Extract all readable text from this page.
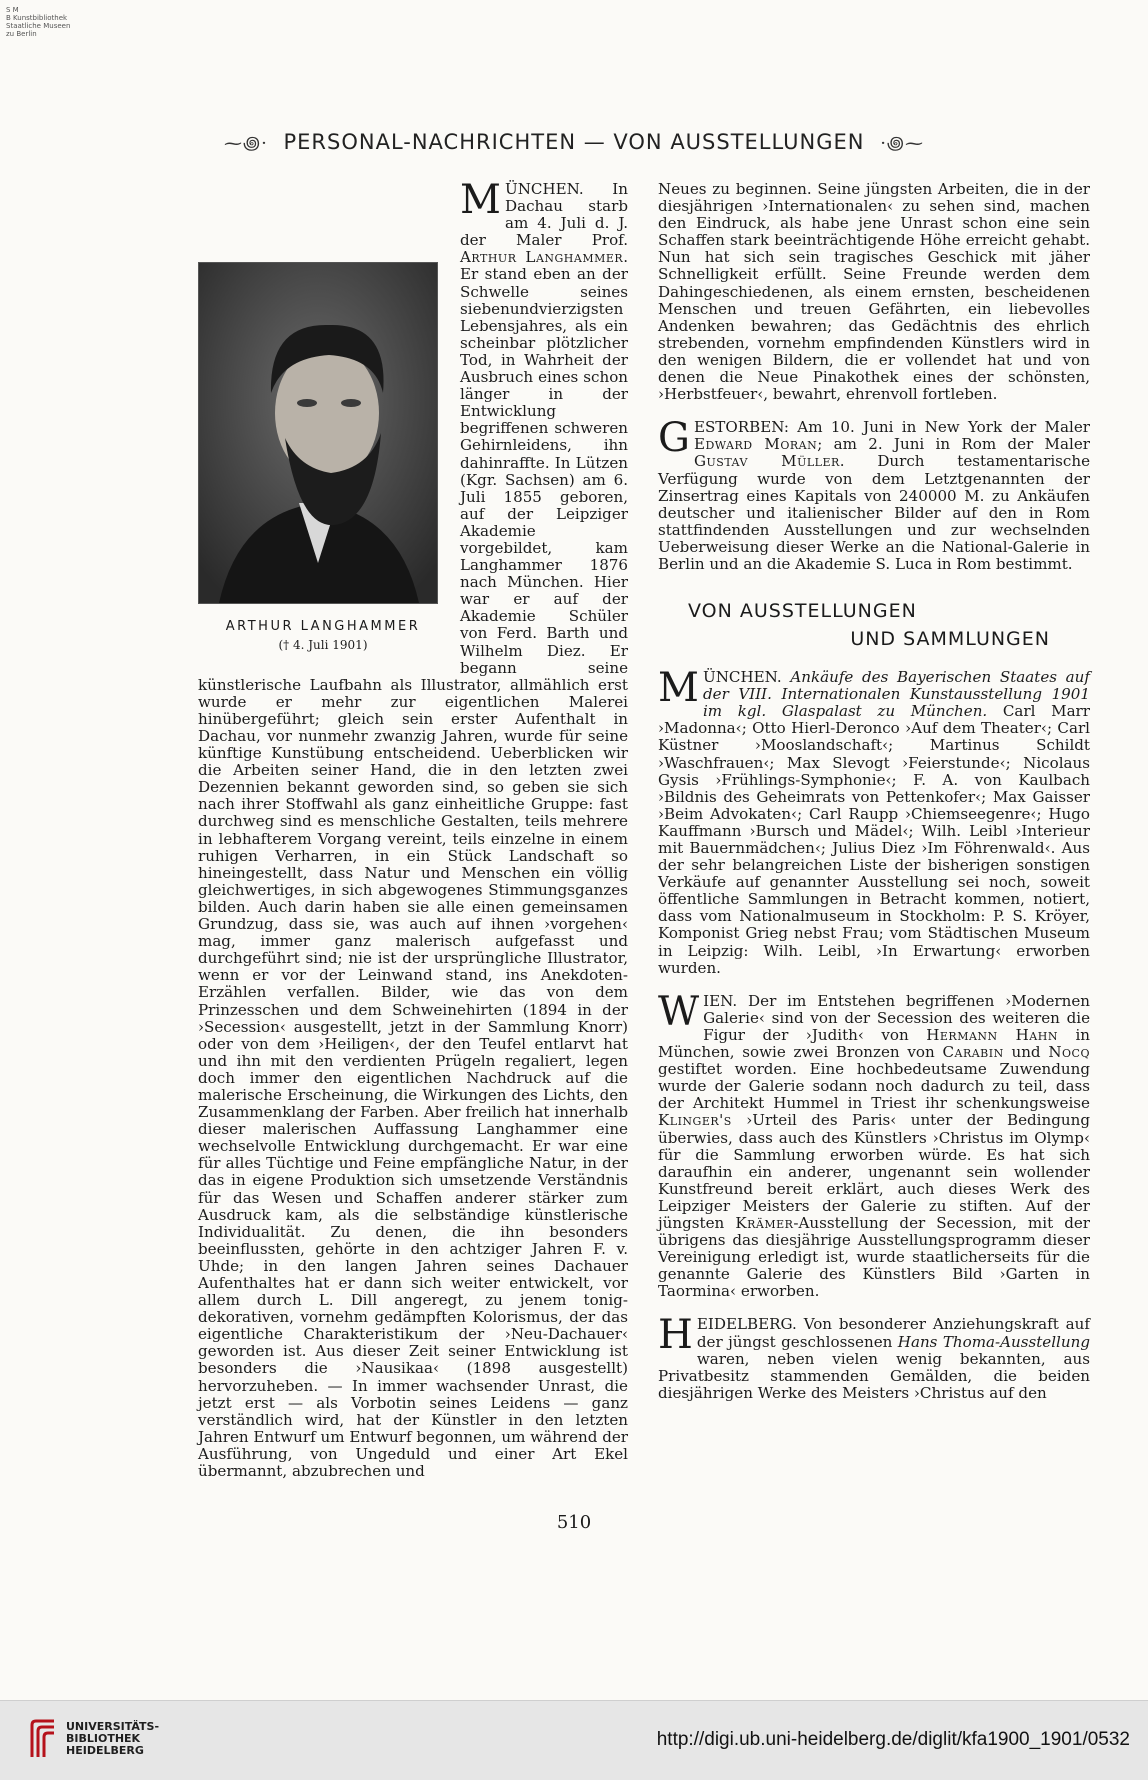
S M
B Kunstbibliothek
Staatliche Museen
zu Berlin
⁓꩜· PERSONAL-NACHRICHTEN — VON AUSSTELLUNGEN ·꩜⁓
ARTHUR LANGHAMMER
(† 4. Juli 1901)

MÜNCHEN. In Dachau starb am 4. Juli d. J. der Maler Prof. Arthur Langhammer. Er stand eben an der Schwelle seines siebenundvierzigsten Lebensjahres, als ein scheinbar plötzlicher Tod, in Wahrheit der Ausbruch eines schon länger in der Entwicklung begriffenen schweren Gehirnleidens, ihn dahinraffte. In Lützen (Kgr. Sachsen) am 6. Juli 1855 geboren, auf der Leipziger Akademie vorgebildet, kam Langhammer 1876 nach München. Hier war er auf der Akademie Schüler von Ferd. Barth und Wilhelm Diez. Er begann seine künstlerische Laufbahn als Illustrator, allmählich erst wurde er mehr zur eigentlichen Malerei hinübergeführt; gleich sein erster Aufenthalt in Dachau, vor nunmehr zwanzig Jahren, wurde für seine künftige Kunstübung entscheidend. Ueberblicken wir die Arbeiten seiner Hand, die in den letzten zwei Dezennien bekannt geworden sind, so geben sie sich nach ihrer Stoffwahl als ganz einheitliche Gruppe: fast durchweg sind es menschliche Gestalten, teils mehrere in lebhafterem Vorgang vereint, teils einzelne in einem ruhigen Verharren, in ein Stück Landschaft so hineingestellt, dass Natur und Menschen ein völlig gleichwertiges, in sich abgewogenes Stimmungsganzes bilden. Auch darin haben sie alle einen gemeinsamen Grundzug, dass sie, was auch auf ihnen ›vorgehen‹ mag, immer ganz malerisch aufgefasst und durchgeführt sind; nie ist der ursprüngliche Illustrator, wenn er vor der Leinwand stand, ins Anekdoten-Erzählen verfallen. Bilder, wie das von dem Prinzesschen und dem Schweinehirten (1894 in der ›Secession‹ ausgestellt, jetzt in der Sammlung Knorr) oder von dem ›Heiligen‹, der den Teufel entlarvt hat und ihn mit den verdienten Prügeln regaliert, legen doch immer den eigentlichen Nachdruck auf die malerische Erscheinung, die Wirkungen des Lichts, den Zusammenklang der Farben. Aber freilich hat innerhalb dieser malerischen Auffassung Langhammer eine wechselvolle Entwicklung durchgemacht. Er war eine für alles Tüchtige und Feine empfängliche Natur, in der das in eigene Produktion sich umsetzende Verständnis für das Wesen und Schaffen anderer stärker zum Ausdruck kam, als die selbständige künstlerische Individualität. Zu denen, die ihn besonders beeinflussten, gehörte in den achtziger Jahren F. v. Uhde; in den langen Jahren seines Dachauer Aufenthaltes hat er dann sich weiter entwickelt, vor allem durch L. Dill angeregt, zu jenem tonig-dekorativen, vornehm gedämpften Kolorismus, der das eigentliche Charakteristikum der ›Neu-Dachauer‹ geworden ist. Aus dieser Zeit seiner Entwicklung ist besonders die ›Nausikaa‹ (1898 ausgestellt) hervorzuheben. — In immer wachsender Unrast, die jetzt erst — als Vorbotin seines Leidens — ganz verständlich wird, hat der Künstler in den letzten Jahren Entwurf um Entwurf begonnen, um während der Ausführung, von Ungeduld und einer Art Ekel übermannt, abzubrechen und

Neues zu beginnen. Seine jüngsten Arbeiten, die in der diesjährigen ›Internationalen‹ zu sehen sind, machen den Eindruck, als habe jene Unrast schon eine sein Schaffen stark beeinträchtigende Höhe erreicht gehabt. Nun hat sich sein tragisches Geschick mit jäher Schnelligkeit erfüllt. Seine Freunde werden dem Dahingeschiedenen, als einem ernsten, bescheidenen Menschen und treuen Gefährten, ein liebevolles Andenken bewahren; das Gedächtnis des ehrlich strebenden, vornehm empfindenden Künstlers wird in den wenigen Bildern, die er vollendet hat und von denen die Neue Pinakothek eines der schönsten, ›Herbstfeuer‹, bewahrt, ehrenvoll fortleben.

GESTORBEN: Am 10. Juni in New York der Maler Edward Moran; am 2. Juni in Rom der Maler Gustav Müller. Durch testamentarische Verfügung wurde von dem Letztgenannten der Zinsertrag eines Kapitals von 240000 M. zu Ankäufen deutscher und italienischer Bilder auf den in Rom stattfindenden Ausstellungen und zur wechselnden Ueberweisung dieser Werke an die National-Galerie in Berlin und an die Akademie S. Luca in Rom bestimmt.

VON AUSSTELLUNGEN
UND SAMMLUNGEN

MÜNCHEN. Ankäufe des Bayerischen Staates auf der VIII. Internationalen Kunstausstellung 1901 im kgl. Glaspalast zu München. Carl Marr ›Madonna‹; Otto Hierl-Deronco ›Auf dem Theater‹; Carl Küstner ›Mooslandschaft‹; Martinus Schildt ›Waschfrauen‹; Max Slevogt ›Feierstunde‹; Nicolaus Gysis ›Frühlings-Symphonie‹; F. A. von Kaulbach ›Bildnis des Geheimrats von Pettenkofer‹; Max Gaisser ›Beim Advokaten‹; Carl Raupp ›Chiemseegenre‹; Hugo Kauffmann ›Bursch und Mädel‹; Wilh. Leibl ›Interieur mit Bauernmädchen‹; Julius Diez ›Im Föhrenwald‹. Aus der sehr belangreichen Liste der bisherigen sonstigen Verkäufe auf genannter Ausstellung sei noch, soweit öffentliche Sammlungen in Betracht kommen, notiert, dass vom Nationalmuseum in Stockholm: P. S. Kröyer, Komponist Grieg nebst Frau; vom Städtischen Museum in Leipzig: Wilh. Leibl, ›In Erwartung‹ erworben wurden.

WIEN. Der im Entstehen begriffenen ›Modernen Galerie‹ sind von der Secession des weiteren die Figur der ›Judith‹ von Hermann Hahn in München, sowie zwei Bronzen von Carabin und Nocq gestiftet worden. Eine hochbedeutsame Zuwendung wurde der Galerie sodann noch dadurch zu teil, dass der Architekt Hummel in Triest ihr schenkungsweise Klinger's ›Urteil des Paris‹ unter der Bedingung überwies, dass auch des Künstlers ›Christus im Olymp‹ für die Sammlung erworben würde. Es hat sich daraufhin ein anderer, ungenannt sein wollender Kunstfreund bereit erklärt, auch dieses Werk des Leipziger Meisters der Galerie zu stiften. Auf der jüngsten Krämer-Ausstellung der Secession, mit der übrigens das diesjährige Ausstellungsprogramm dieser Vereinigung erledigt ist, wurde staatlicherseits für die genannte Galerie des Künstlers Bild ›Garten in Taormina‹ erworben.

HEIDELBERG. Von besonderer Anziehungskraft auf der jüngst geschlossenen Hans Thoma-Ausstellung waren, neben vielen wenig bekannten, aus Privatbesitz stammenden Gemälden, die beiden diesjährigen Werke des Meisters ›Christus auf den

510
UNIVERSITÄTS-
BIBLIOTHEK
HEIDELBERG
http://digi.ub.uni-heidelberg.de/diglit/kfa1900_1901/0532
